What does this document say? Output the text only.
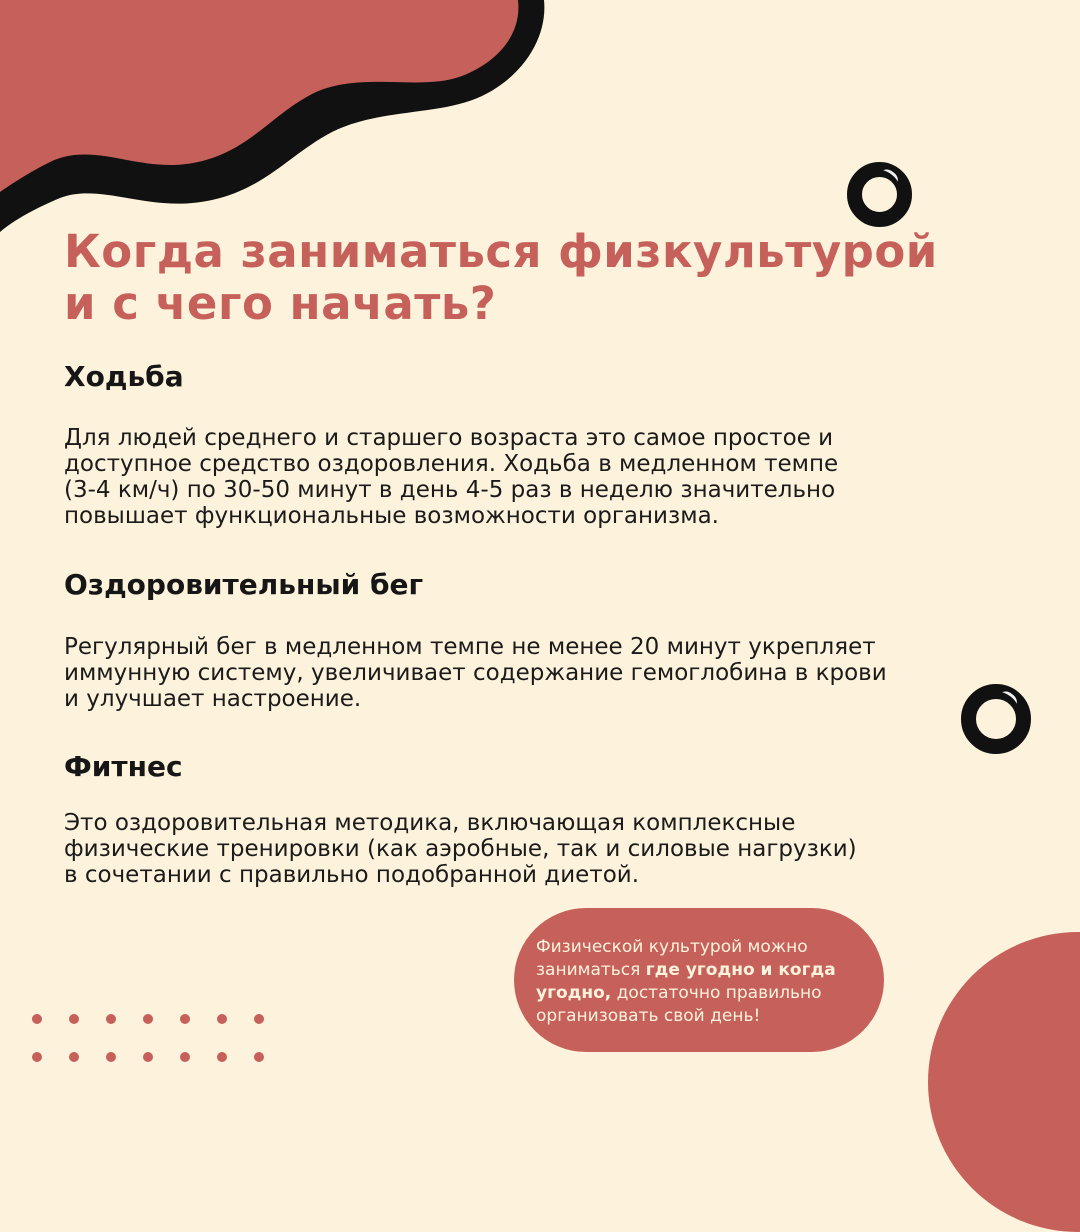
Когда заниматься физкультурой
и с чего начать?
Ходьба
Для людей среднего и старшего возраста это самое простое и
доступное средство оздоровления. Ходьба в медленном темпе
(3-4 км/ч) по 30-50 минут в день 4-5 раз в неделю значительно
повышает функциональные возможности организма.
Оздоровительный бег
Регулярный бег в медленном темпе не менее 20 минут укрепляет
иммунную систему, увеличивает содержание гемоглобина в крови
и улучшает настроение.
Фитнес
Это оздоровительная методика, включающая комплексные
физические тренировки (как аэробные, так и силовые нагрузки)
в сочетании с правильно подобранной диетой.
Физической культурой можно
заниматься где угодно и когда
угодно, достаточно правильно
организовать свой день!
